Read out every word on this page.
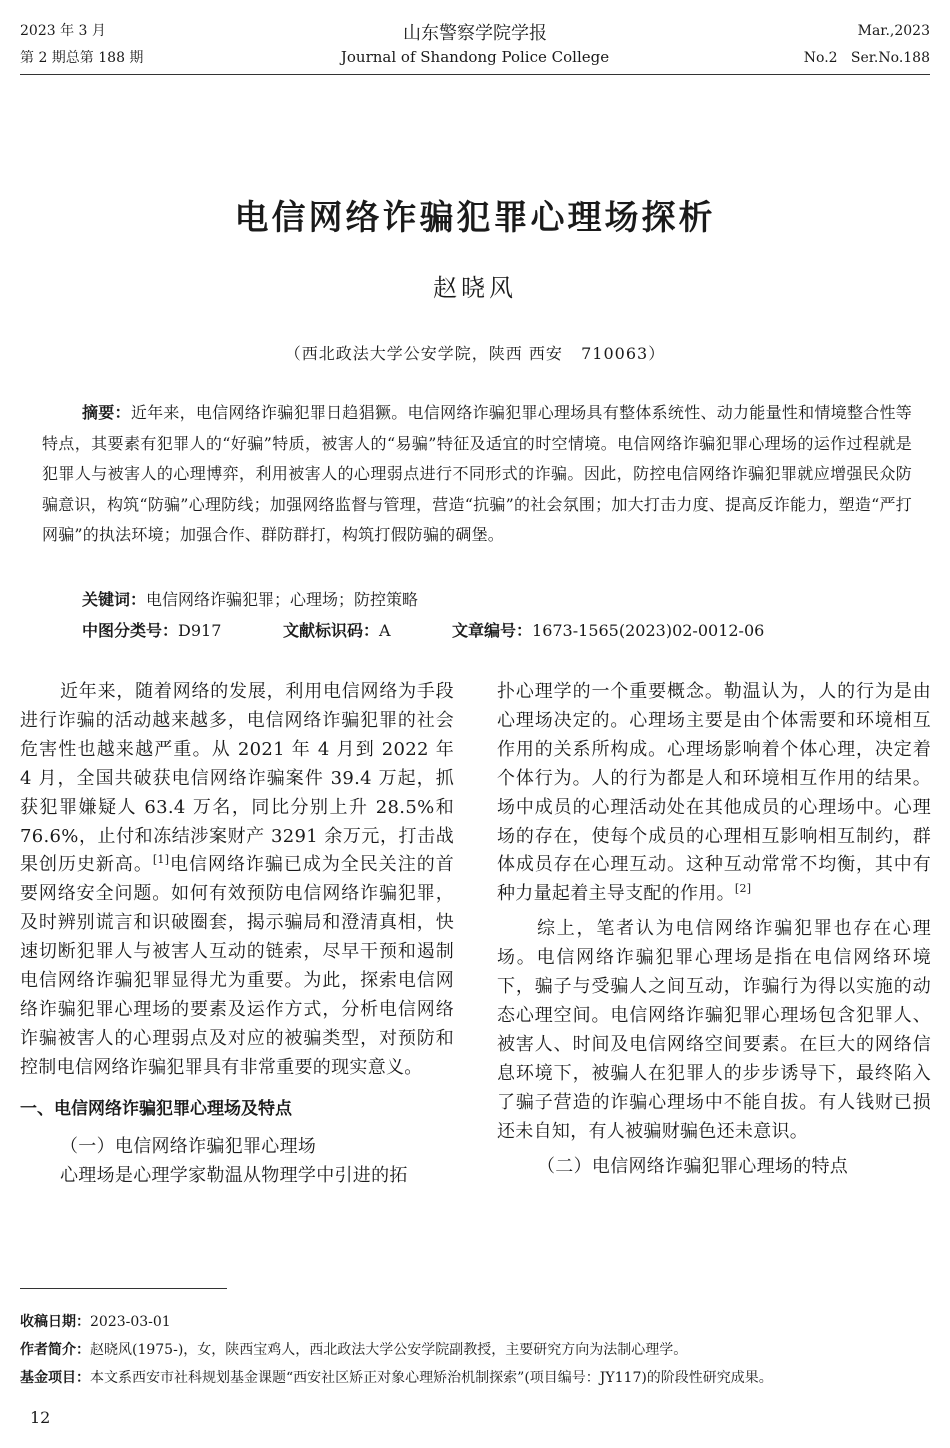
2023 年 3 月
第 2 期总第 188 期
山东警察学院学报
Journal of Shandong Police College
Mar.,2023
No.2   Ser.No.188
电信网络诈骗犯罪心理场探析
赵晓风
（西北政法大学公安学院，陕西 西安   710063）
摘要：近年来，电信网络诈骗犯罪日趋猖獗。电信网络诈骗犯罪心理场具有整体系统性、动力能量性和情境整合性等特点，其要素有犯罪人的“好骗”特质，被害人的“易骗”特征及适宜的时空情境。电信网络诈骗犯罪心理场的运作过程就是犯罪人与被害人的心理博弈，利用被害人的心理弱点进行不同形式的诈骗。因此，防控电信网络诈骗犯罪就应增强民众防骗意识，构筑“防骗”心理防线；加强网络监督与管理，营造“抗骗”的社会氛围；加大打击力度、提高反诈能力，塑造“严打网骗”的执法环境；加强合作、群防群打，构筑打假防骗的碉堡。
关键词：电信网络诈骗犯罪；心理场；防控策略
中图分类号：D917	文献标识码：A	文章编号：1673-1565(2023)02-0012-06

近年来，随着网络的发展，利用电信网络为手段进行诈骗的活动越来越多，电信网络诈骗犯罪的社会危害性也越来越严重。从 2021 年 4 月到 2022 年 4 月，全国共破获电信网络诈骗案件 39.4 万起，抓获犯罪嫌疑人 63.4 万名，同比分别上升 28.5%和 76.6%，止付和冻结涉案财产 3291 余万元，打击战果创历史新高。[1]电信网络诈骗已成为全民关注的首要网络安全问题。如何有效预防电信网络诈骗犯罪，及时辨别谎言和识破圈套，揭示骗局和澄清真相，快速切断犯罪人与被害人互动的链索，尽早干预和遏制电信网络诈骗犯罪显得尤为重要。为此，探索电信网络诈骗犯罪心理场的要素及运作方式，分析电信网络诈骗被害人的心理弱点及对应的被骗类型，对预防和控制电信网络诈骗犯罪具有非常重要的现实意义。

一、电信网络诈骗犯罪心理场及特点

（一）电信网络诈骗犯罪心理场

心理场是心理学家勒温从物理学中引进的拓

扑心理学的一个重要概念。勒温认为，人的行为是由心理场决定的。心理场主要是由个体需要和环境相互作用的关系所构成。心理场影响着个体心理，决定着个体行为。人的行为都是人和环境相互作用的结果。场中成员的心理活动处在其他成员的心理场中。心理场的存在，使每个成员的心理相互影响相互制约，群体成员存在心理互动。这种互动常常不均衡，其中有种力量起着主导支配的作用。[2]

综上，笔者认为电信网络诈骗犯罪也存在心理场。电信网络诈骗犯罪心理场是指在电信网络环境下，骗子与受骗人之间互动，诈骗行为得以实施的动态心理空间。电信网络诈骗犯罪心理场包含犯罪人、被害人、时间及电信网络空间要素。在巨大的网络信息环境下，被骗人在犯罪人的步步诱导下，最终陷入了骗子营造的诈骗心理场中不能自拔。有人钱财已损还未自知，有人被骗财骗色还未意识。

（二）电信网络诈骗犯罪心理场的特点

收稿日期：2023-03-01
作者简介：赵晓风(1975-)，女，陕西宝鸡人，西北政法大学公安学院副教授，主要研究方向为法制心理学。
基金项目：本文系西安市社科规划基金课题“西安社区矫正对象心理矫治机制探索”(项目编号：JY117)的阶段性研究成果。
12
